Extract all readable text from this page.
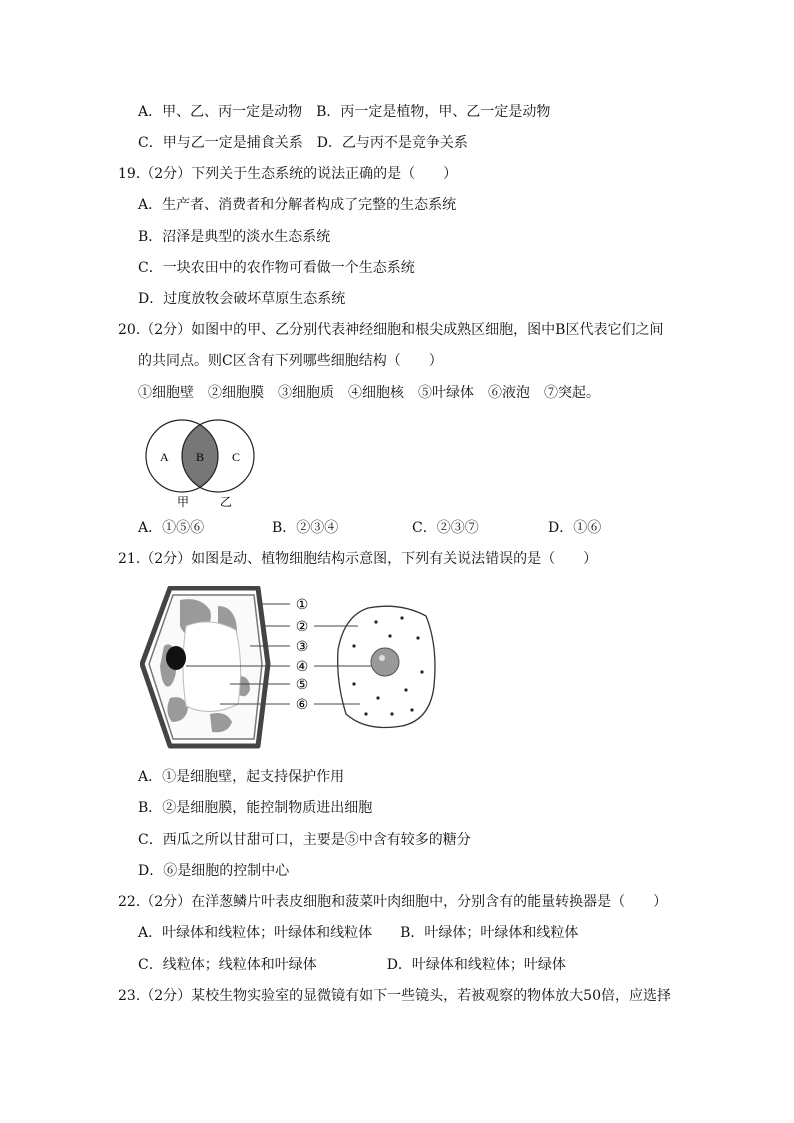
A．甲、乙、丙一定是动物　B．丙一定是植物，甲、乙一定是动物
C．甲与乙一定是捕食关系　D．乙与丙不是竞争关系
19.（2分）下列关于生态系统的说法正确的是（　　）
A．生产者、消费者和分解者构成了完整的生态系统
B．沼泽是典型的淡水生态系统
C．一块农田中的农作物可看做一个生态系统
D．过度放牧会破坏草原生态系统
20.（2分）如图中的甲、乙分别代表神经细胞和根尖成熟区细胞，图中B区代表它们之间
的共同点。则C区含有下列哪些细胞结构（　　）
①细胞壁　②细胞膜　③细胞质　④细胞核　⑤叶绿体　⑥液泡　⑦突起。
A B C
甲	乙
A．①⑤⑥	B．②③④	C．②③⑦	D．①⑥
21.（2分）如图是动、植物细胞结构示意图，下列有关说法错误的是（　　）
①
②
③
④
⑤
⑥
A．①是细胞壁，起支持保护作用
B．②是细胞膜，能控制物质进出细胞
C．西瓜之所以甘甜可口，主要是⑤中含有较多的糖分
D．⑥是细胞的控制中心
22.（2分）在洋葱鳞片叶表皮细胞和菠菜叶肉细胞中，分别含有的能量转换器是（　　）
A．叶绿体和线粒体；叶绿体和线粒体　　B．叶绿体；叶绿体和线粒体
C．线粒体；线粒体和叶绿体　　　　　D．叶绿体和线粒体；叶绿体
23.（2分）某校生物实验室的显微镜有如下一些镜头，若被观察的物体放大50倍，应选择
